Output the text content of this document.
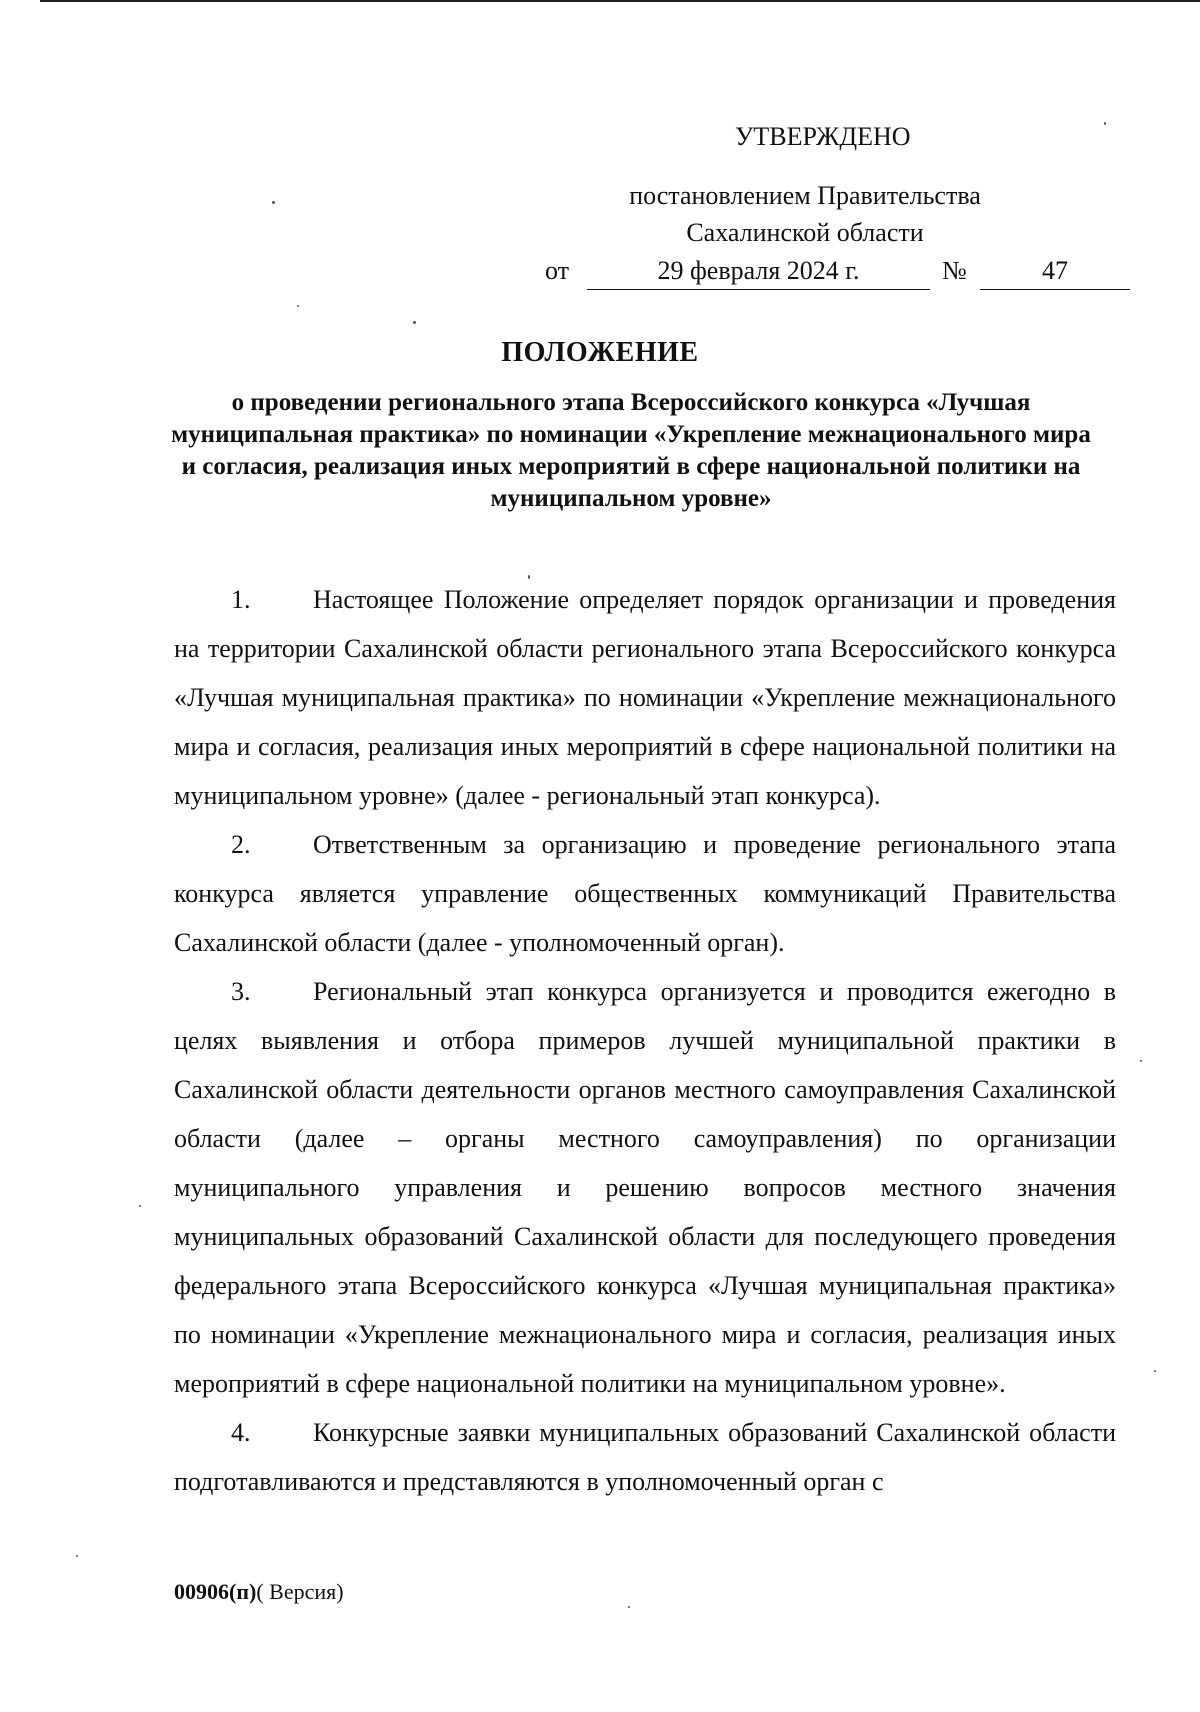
УТВЕРЖДЕНО
постановлением Правительства
Сахалинской области
от	29 февраля 2024 г.	№	47
ПОЛОЖЕНИЕ
о проведении регионального этапа Всероссийского конкурса «Лучшая муниципальная практика» по номинации «Укрепление межнационального мира и согласия, реализация иных мероприятий в сфере национальной политики на муниципальном уровне»

1. Настоящее Положение определяет порядок организации и проведения на территории Сахалинской области регионального этапа Всероссийского конкурса «Лучшая муниципальная практика» по номинации «Укрепление межнационального мира и согласия, реализация иных мероприятий в сфере национальной политики на муниципальном уровне» (далее - региональный этап конкурса).

2. Ответственным за организацию и проведение регионального этапа конкурса является управление общественных коммуникаций Правительства Сахалинской области (далее - уполномоченный орган).

3. Региональный этап конкурса организуется и проводится ежегодно в целях выявления и отбора примеров лучшей муниципальной практики в Сахалинской области деятельности органов местного самоуправления Сахалинской области (далее – органы местного самоуправления) по организации муниципального управления и решению вопросов местного значения муниципальных образований Сахалинской области для последующего проведения федерального этапа Всероссийского конкурса «Лучшая муниципальная практика» по номинации «Укрепление межнационального мира и согласия, реализация иных мероприятий в сфере национальной политики на муниципальном уровне».

4. Конкурсные заявки муниципальных образований Сахалинской области подготавливаются и представляются в уполномоченный орган с

00906(п)( Версия)
